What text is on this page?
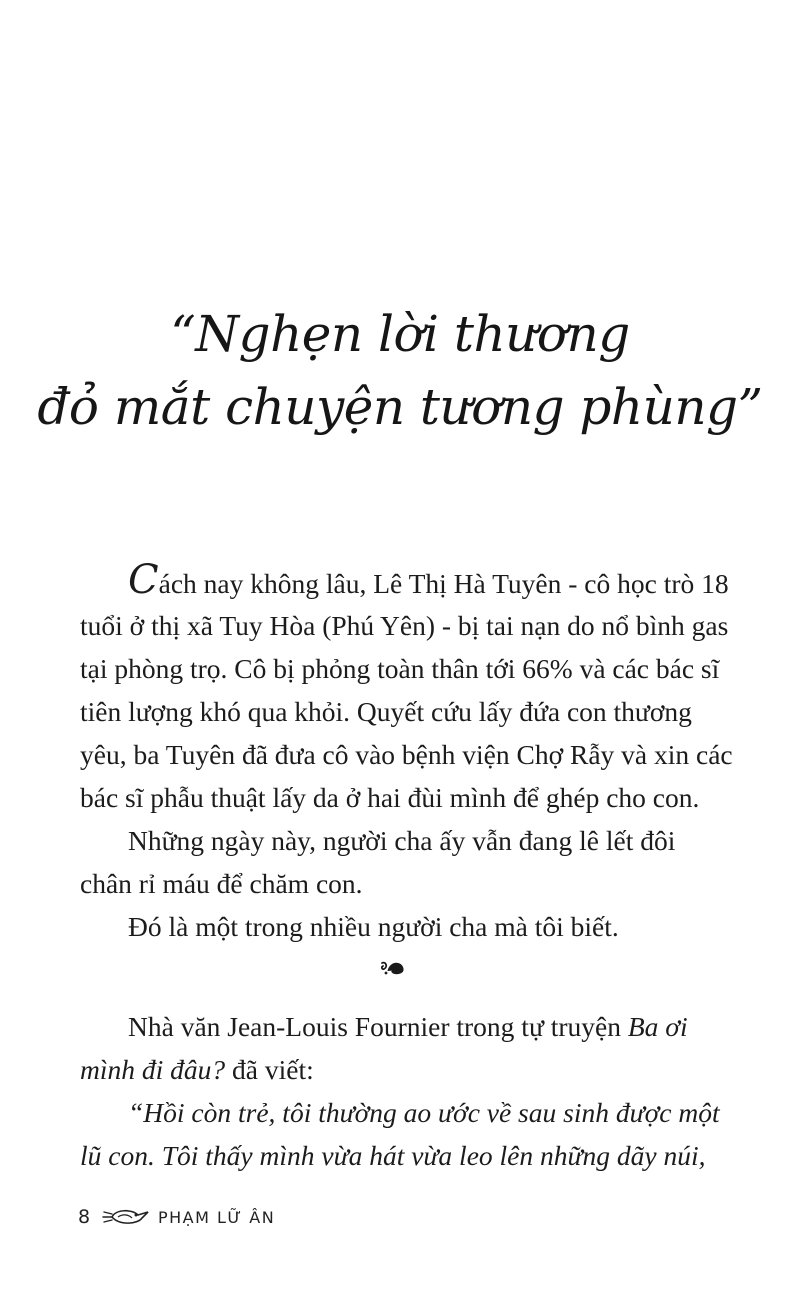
“Nghẹn lời thương
đỏ mắt chuyện tương phùng”
Cách nay không lâu, Lê Thị Hà Tuyên - cô học trò 18
tuổi ở thị xã Tuy Hòa (Phú Yên) - bị tai nạn do nổ bình gas
tại phòng trọ. Cô bị phỏng toàn thân tới 66% và các bác sĩ
tiên lượng khó qua khỏi. Quyết cứu lấy đứa con thương
yêu, ba Tuyên đã đưa cô vào bệnh viện Chợ Rẫy và xin các
bác sĩ phẫu thuật lấy da ở hai đùi mình để ghép cho con.
Những ngày này, người cha ấy vẫn đang lê lết đôi
chân rỉ máu để chăm con.
Đó là một trong nhiều người cha mà tôi biết.
Nhà văn Jean-Louis Fournier trong tự truyện Ba ơi
mình đi đâu? đã viết:
“Hồi còn trẻ, tôi thường ao ước về sau sinh được một
lũ con. Tôi thấy mình vừa hát vừa leo lên những dãy núi,
8	PHẠM LỮ ÂN
